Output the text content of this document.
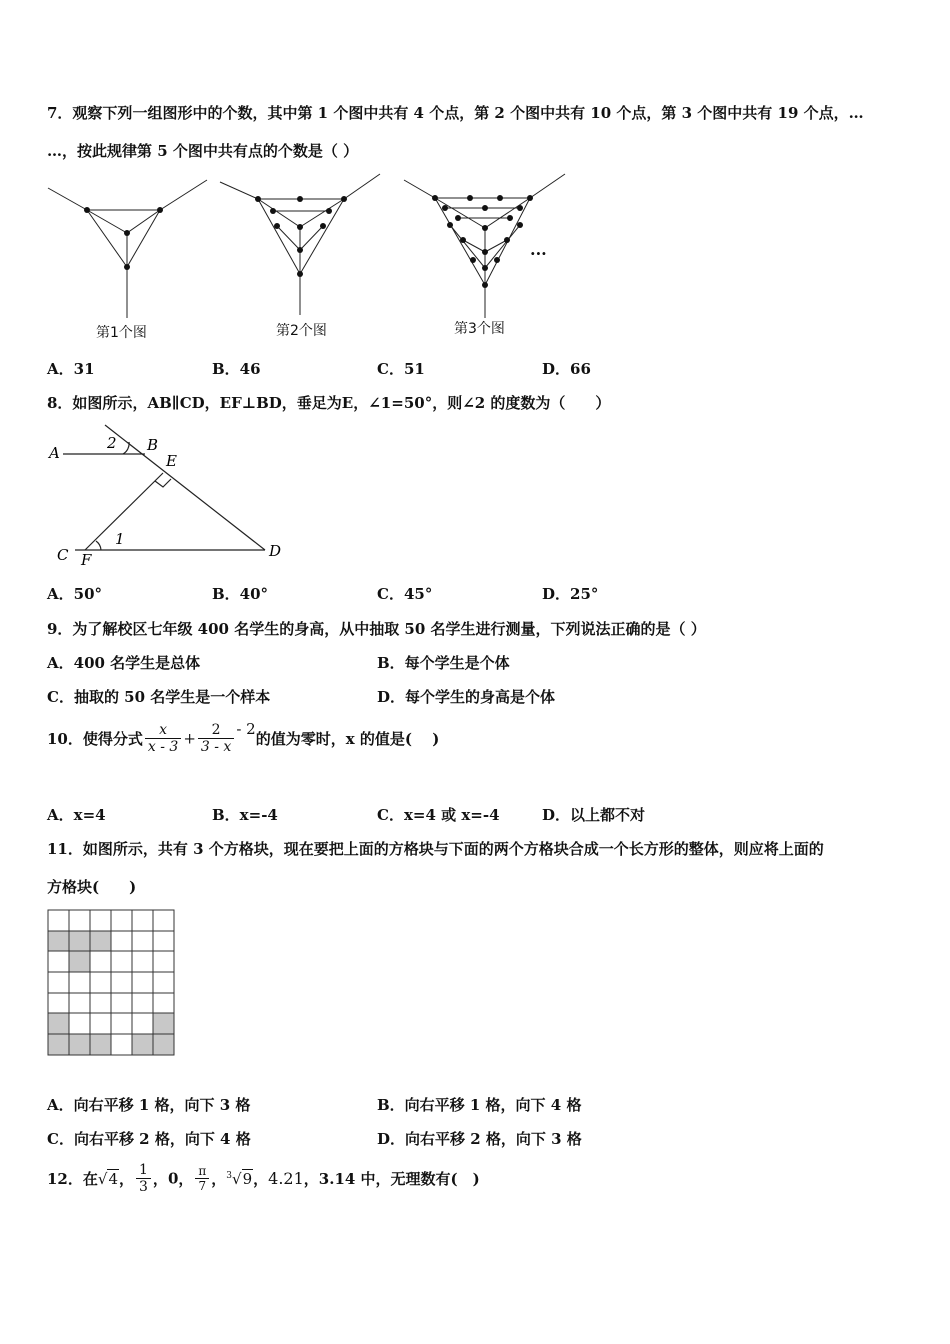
7．观察下列一组图形中的个数，其中第 1 个图中共有 4 个点，第 2 个图中共有 10 个点，第 3 个图中共有 19 个点，…
…，按此规律第 5 个图中共有点的个数是（ ）
···
第1个图	第2个图	第3个图
A．31	B．46	C．51	D．66
8．如图所示，AB∥CD，EF⊥BD，垂足为E，∠1=50°，则∠2 的度数为（　　）
A
2 B
E
1
C F	D
A．50°	B．40°	C．45°	D．25°
9．为了解校区七年级 400 名学生的身高，从中抽取 50 名学生进行测量，下列说法正确的是（ ）
A．400 名学生是总体	B．每个学生是个体
C．抽取的 50 名学生是一个样本	D．每个学生的身高是个体
10．使得分式 $\frac{x}{x - 3} + \frac{2}{3 - x} - 2$的值为零时，x 的值是(　 )
A．x=4	B．x=-4	C．x=4 或 x=-4	D．以上都不对
11．如图所示，共有 3 个方格块，现在要把上面的方格块与下面的两个方格块合成一个长方形的整体，则应将上面的
方格块(　　)
A．向右平移 1 格，向下 3 格	B．向右平移 1 格，向下 4 格
C．向右平移 2 格，向下 4 格	D．向右平移 2 格，向下 3 格
12．在√4， $\frac{1}{3}$ ，0， $\frac{\pi}{7}$ ，$^3$√9，4.21，3.14 中，无理数有(　)
